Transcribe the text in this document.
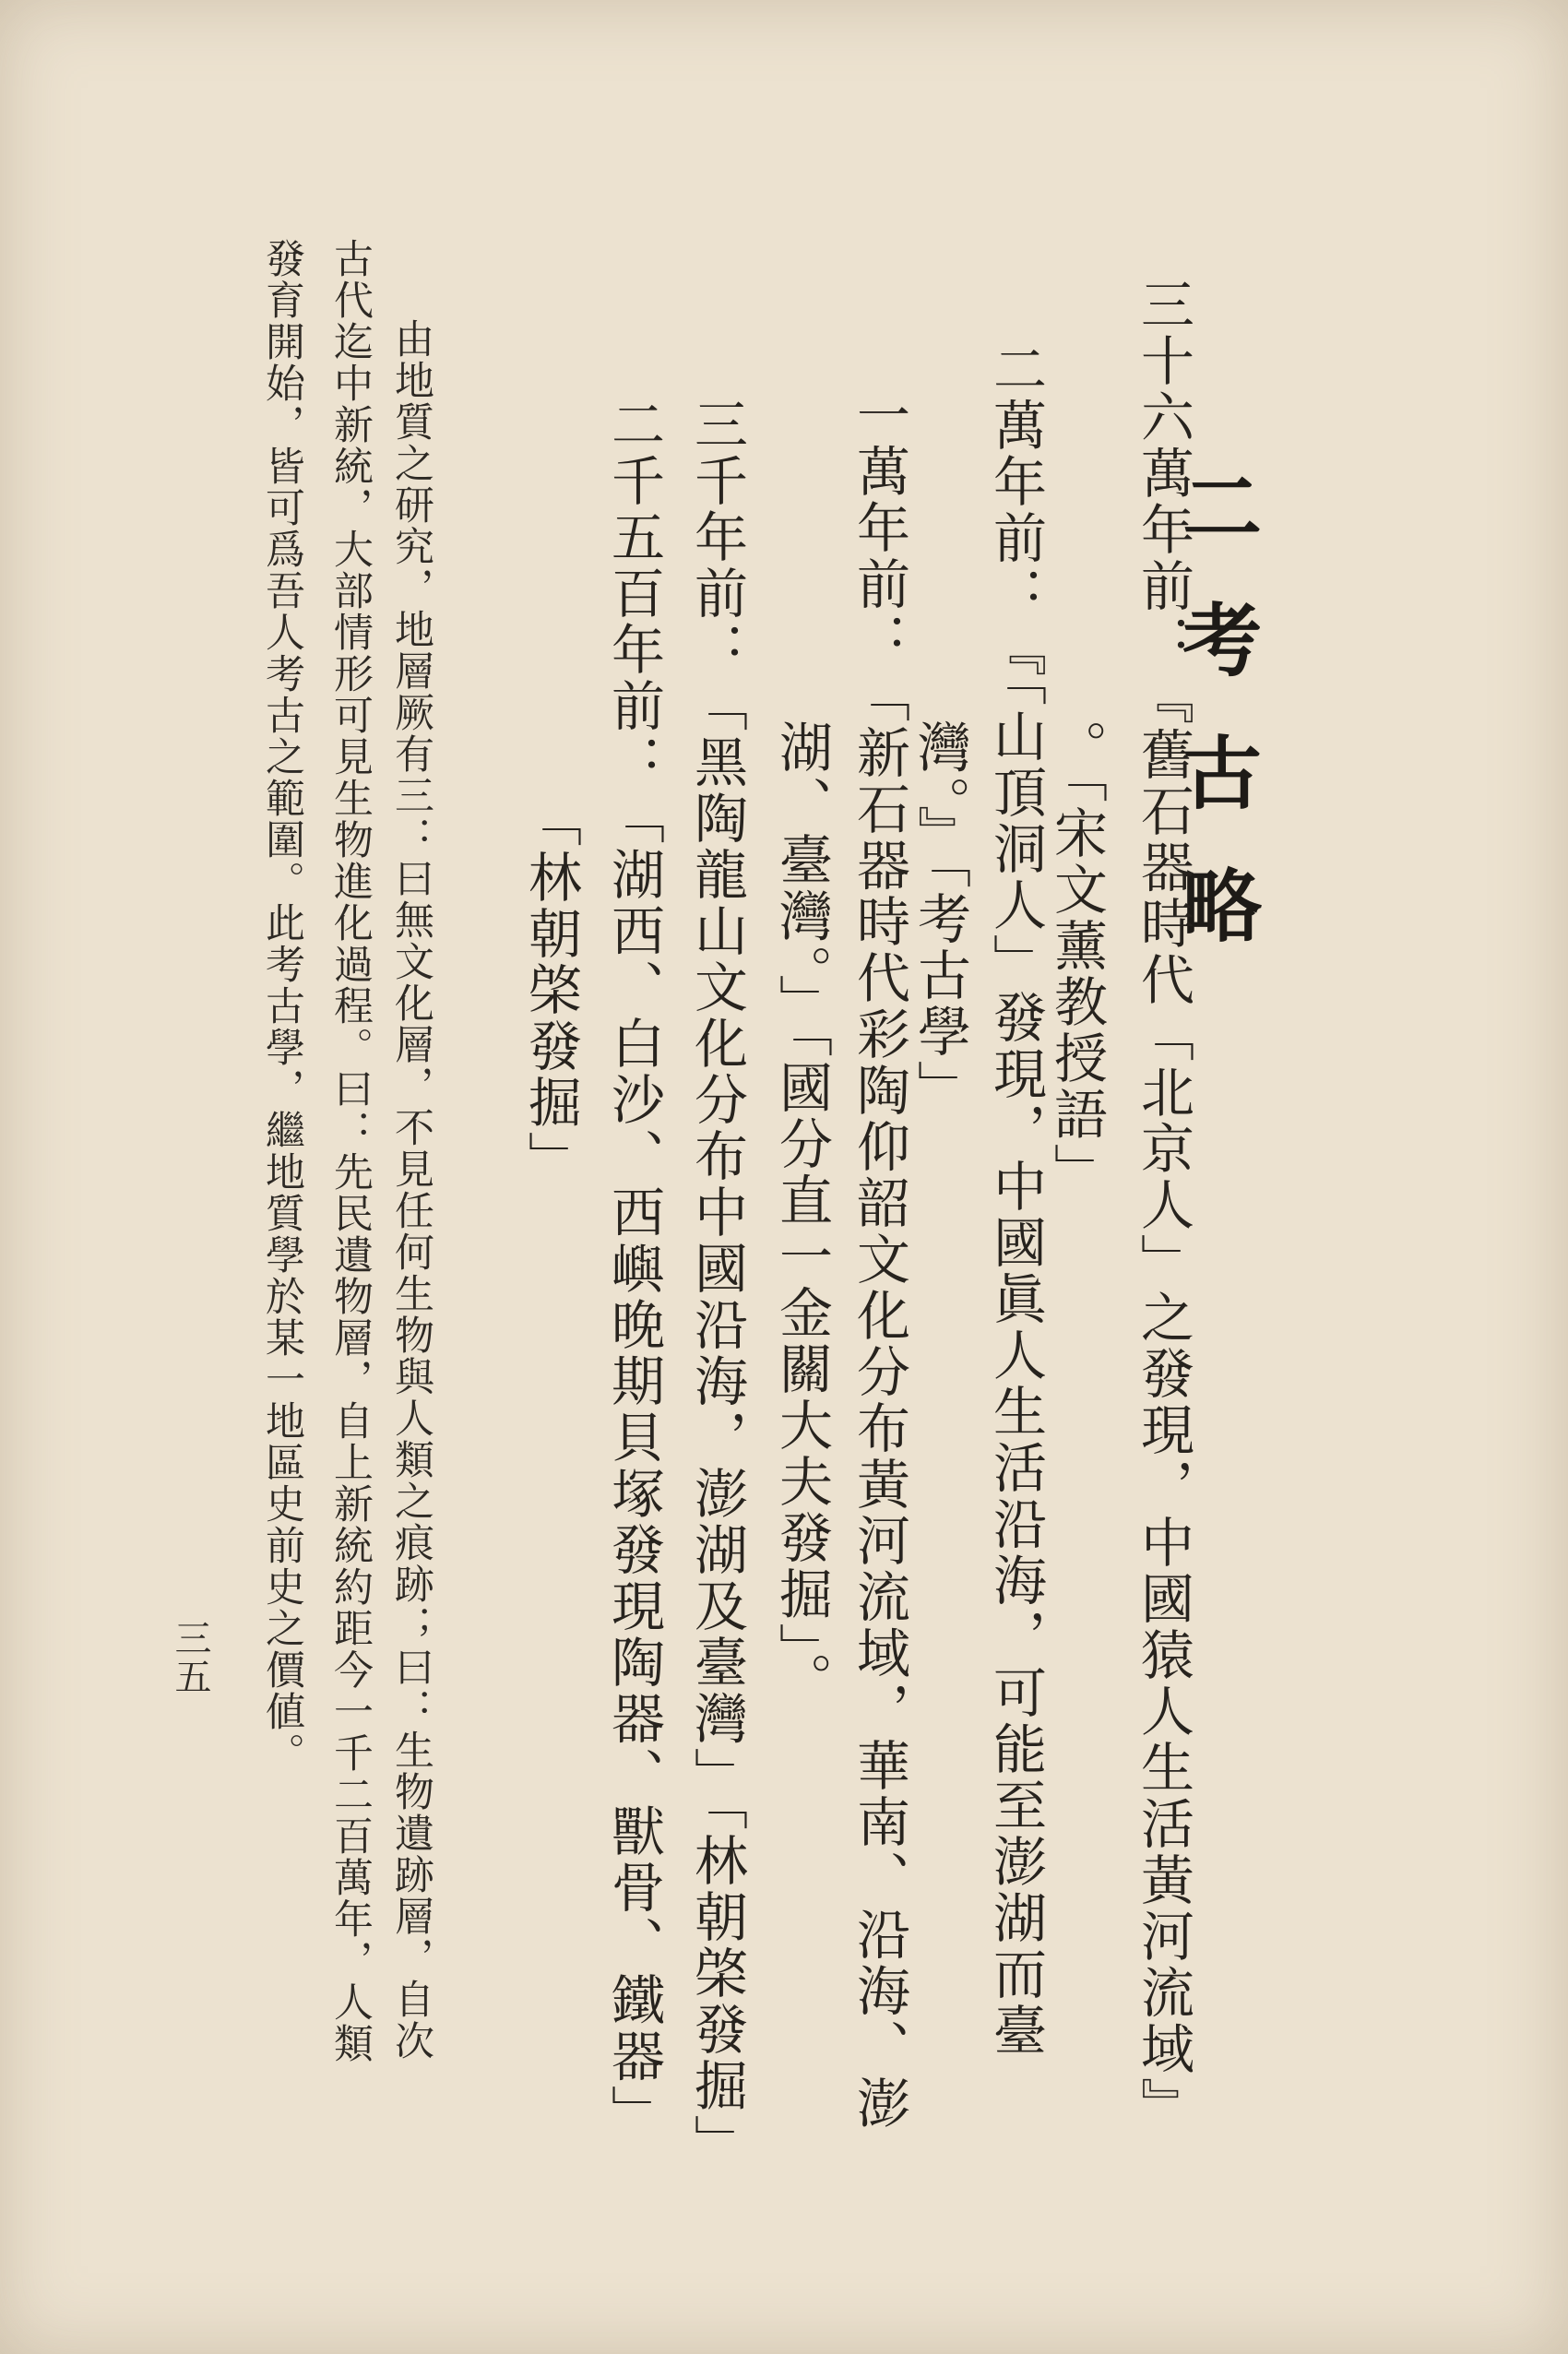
二考古略
三十六萬年前：『舊石器時代「北京人」之發現，中國猿人生活黃河流域』
。「宋文薰教授語」
二萬年前：『「山頂洞人」發現，中國眞人生活沿海，可能至澎湖而臺
灣。』「考古學」
一萬年前：「新石器時代彩陶仰韶文化分布黃河流域，華南、沿海、澎
湖、臺灣。」「國分直一金關大夫發掘」。
三千年前：「黑陶龍山文化分布中國沿海，澎湖及臺灣」「林朝棨發掘」
二千五百年前：「湖西、白沙、西嶼晚期貝塚發現陶器、獸骨、鐵器」
「林朝棨發掘」
由地質之研究，地層厥有三：曰無文化層，不見任何生物與人類之痕跡；曰：生物遺跡層，自次
古代迄中新統，大部情形可見生物進化過程。曰：先民遺物層，自上新統約距今一千二百萬年，人類
發育開始，皆可爲吾人考古之範圍。此考古學，繼地質學於某一地區史前史之價値。
三五
